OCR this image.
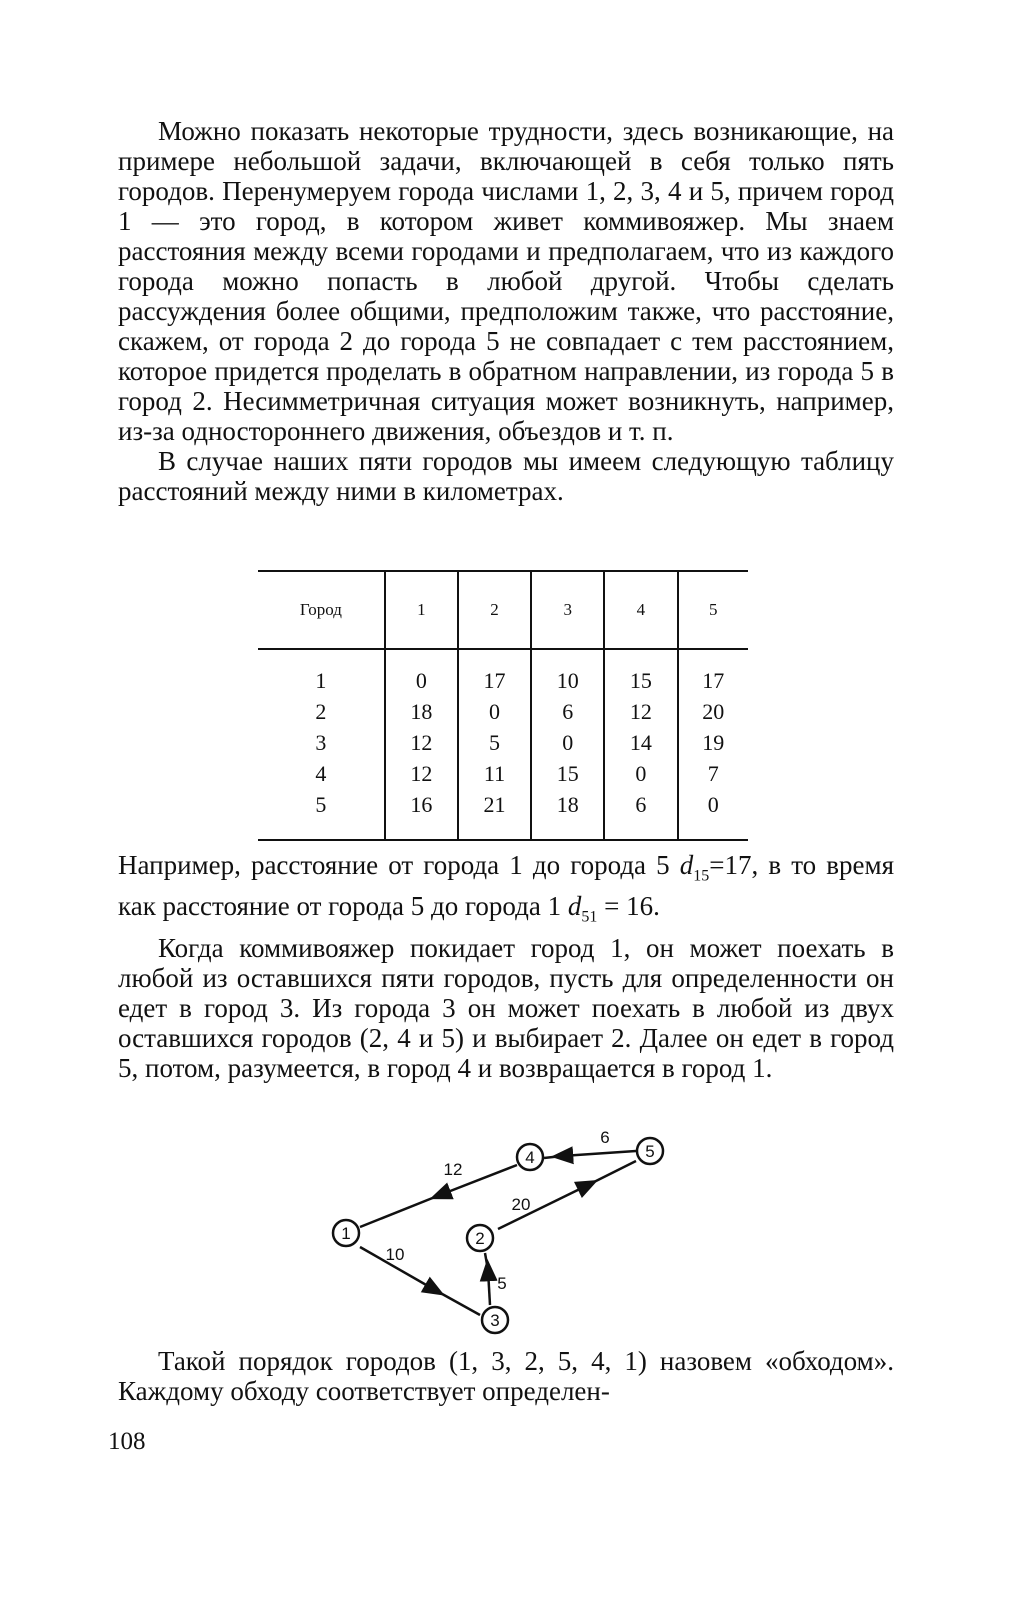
Можно показать некоторые трудности, здесь возникающие, на примере небольшой задачи, включающей в себя только пять городов. Перенумеруем города числами 1, 2, 3, 4 и 5, причем город 1 — это город, в котором живет коммивояжер. Мы знаем расстояния между всеми городами и предполагаем, что из каждого города можно попасть в любой другой. Чтобы сделать рассуждения более общими, предположим также, что расстояние, скажем, от города 2 до города 5 не совпадает с тем расстоянием, которое придется проделать в обратном направлении, из города 5 в город 2. Несимметричная ситуация может возникнуть, например, из-за одностороннего движения, объездов и т. п.

В случае наших пяти городов мы имеем следующую таблицу расстояний между ними в километрах.

Город	1	2	3	4	5
1	0	17	10	15	17
2	18	0	6	12	20
3	12	5	0	14	19
4	12	11	15	0	7
5	16	21	18	6	0

Например, расстояние от города 1 до города 5 $d_{15}=17$, в то время как расстояние от города 5 до города 1 $d_{51} = 16$.

Когда коммивояжер покидает город 1, он может поехать в любой из оставшихся пяти городов, пусть для определенности он едет в город 3. Из города 3 он может поехать в любой из двух оставшихся городов (2, 4 и 5) и выбирает 2. Далее он едет в город 5, потом, разумеется, в город 4 и возвращается в город 1.

1	2
3
4	5
10
5
20
6
12

Такой порядок городов (1, 3, 2, 5, 4, 1) назовем «обходом». Каждому обходу соответствует определен-

108
